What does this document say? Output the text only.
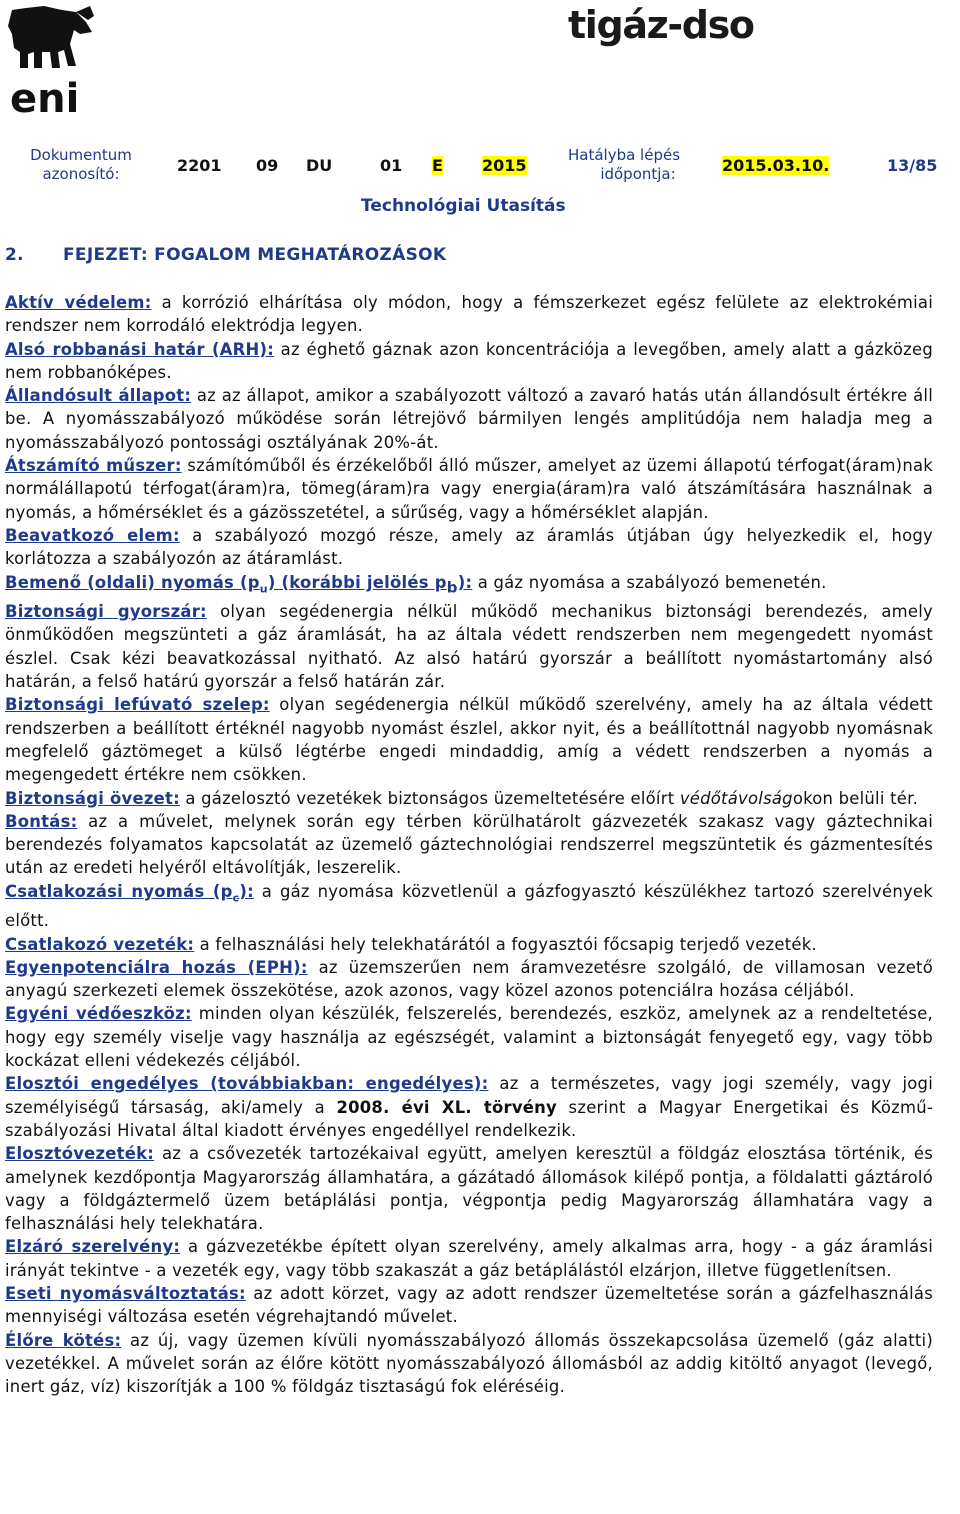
eni
tigáz-dso
Dokumentum
azonosító:	2201 09 DU	01 E 2015
Hatályba lépés
időpontja:	2015.03.10.	13/85
Technológiai Utasítás
2. FEJEZET: FOGALOM MEGHATÁROZÁSOK

Aktív védelem: a korrózió elhárítása oly módon, hogy a fémszerkezet egész felülete az elektrokémiai rendszer nem korrodáló elektródja legyen.

Alsó robbanási határ (ARH): az éghető gáznak azon koncentrációja a levegőben, amely alatt a gázközeg nem robbanóképes.

Állandósult állapot: az az állapot, amikor a szabályozott változó a zavaró hatás után állandósult értékre áll be. A nyomásszabályozó működése során létrejövő bármilyen lengés amplitúdója nem haladja meg a nyomásszabályozó pontossági osztályának 20%-át.

Átszámító műszer: számítóműből és érzékelőből álló műszer, amelyet az üzemi állapotú térfogat(áram)nak normálállapotú térfogat(áram)ra, tömeg(áram)ra vagy energia(áram)ra való átszámítására használnak a nyomás, a hőmérséklet és a gázösszetétel, a sűrűség, vagy a hőmérséklet alapján.

Beavatkozó elem: a szabályozó mozgó része, amely az áramlás útjában úgy helyezkedik el, hogy korlátozza a szabályozón az átáramlást.

Bemenő (oldali) nyomás $(p_u)$ (korábbi jelölés $p_b$): a gáz nyomása a szabályozó bemenetén.

Biztonsági gyorszár: olyan segédenergia nélkül működő mechanikus biztonsági berendezés, amely önműködően megszünteti a gáz áramlását, ha az általa védett rendszerben nem megengedett nyomást észlel. Csak kézi beavatkozással nyitható. Az alsó határú gyorszár a beállított nyomástartomány alsó határán, a felső határú gyorszár a felső határán zár.

Biztonsági lefúvató szelep: olyan segédenergia nélkül működő szerelvény, amely ha az általa védett rendszerben a beállított értéknél nagyobb nyomást észlel, akkor nyit, és a beállítottnál nagyobb nyomásnak megfelelő gáztömeget a külső légtérbe engedi mindaddig, amíg a védett rendszerben a nyomás a megengedett értékre nem csökken.

Biztonsági övezet: a gázelosztó vezetékek biztonságos üzemeltetésére előírt védőtávolságokon belüli tér.

Bontás: az a művelet, melynek során egy térben körülhatárolt gázvezeték szakasz vagy gáztechnikai berendezés folyamatos kapcsolatát az üzemelő gáztechnológiai rendszerrel megszüntetik és gázmentesítés után az eredeti helyéről eltávolítják, leszerelik.

Csatlakozási nyomás $(p_c)$: a gáz nyomása közvetlenül a gázfogyasztó készülékhez tartozó szerelvények előtt.

Csatlakozó vezeték: a felhasználási hely telekhatárától a fogyasztói főcsapig terjedő vezeték.

Egyenpotenciálra hozás (EPH): az üzemszerűen nem áramvezetésre szolgáló, de villamosan vezető anyagú szerkezeti elemek összekötése, azok azonos, vagy közel azonos potenciálra hozása céljából.

Egyéni védőeszköz: minden olyan készülék, felszerelés, berendezés, eszköz, amelynek az a rendeltetése, hogy egy személy viselje vagy használja az egészségét, valamint a biztonságát fenyegető egy, vagy több kockázat elleni védekezés céljából.

Elosztói engedélyes (továbbiakban: engedélyes): az a természetes, vagy jogi személy, vagy jogi személyiségű társaság, aki/amely a 2008. évi XL. törvény szerint a Magyar Energetikai és Közmű-szabályozási Hivatal által kiadott érvényes engedéllyel rendelkezik.

Elosztóvezeték: az a csővezeték tartozékaival együtt, amelyen keresztül a földgáz elosztása történik, és amelynek kezdőpontja Magyarország államhatára, a gázátadó állomások kilépő pontja, a földalatti gáztároló vagy a földgáztermelő üzem betáplálási pontja, végpontja pedig Magyarország államhatára vagy a felhasználási hely telekhatára.

Elzáró szerelvény: a gázvezetékbe épített olyan szerelvény, amely alkalmas arra, hogy - a gáz áramlási irányát tekintve - a vezeték egy, vagy több szakaszát a gáz betáplálástól elzárjon, illetve függetlenítsen.

Eseti nyomásváltoztatás: az adott körzet, vagy az adott rendszer üzemeltetése során a gázfelhasználás mennyiségi változása esetén végrehajtandó művelet.

Élőre kötés: az új, vagy üzemen kívüli nyomásszabályozó állomás összekapcsolása üzemelő (gáz alatti) vezetékkel. A művelet során az élőre kötött nyomásszabályozó állomásból az addig kitöltő anyagot (levegő, inert gáz, víz) kiszorítják a 100 % földgáz tisztaságú fok eléréséig.
